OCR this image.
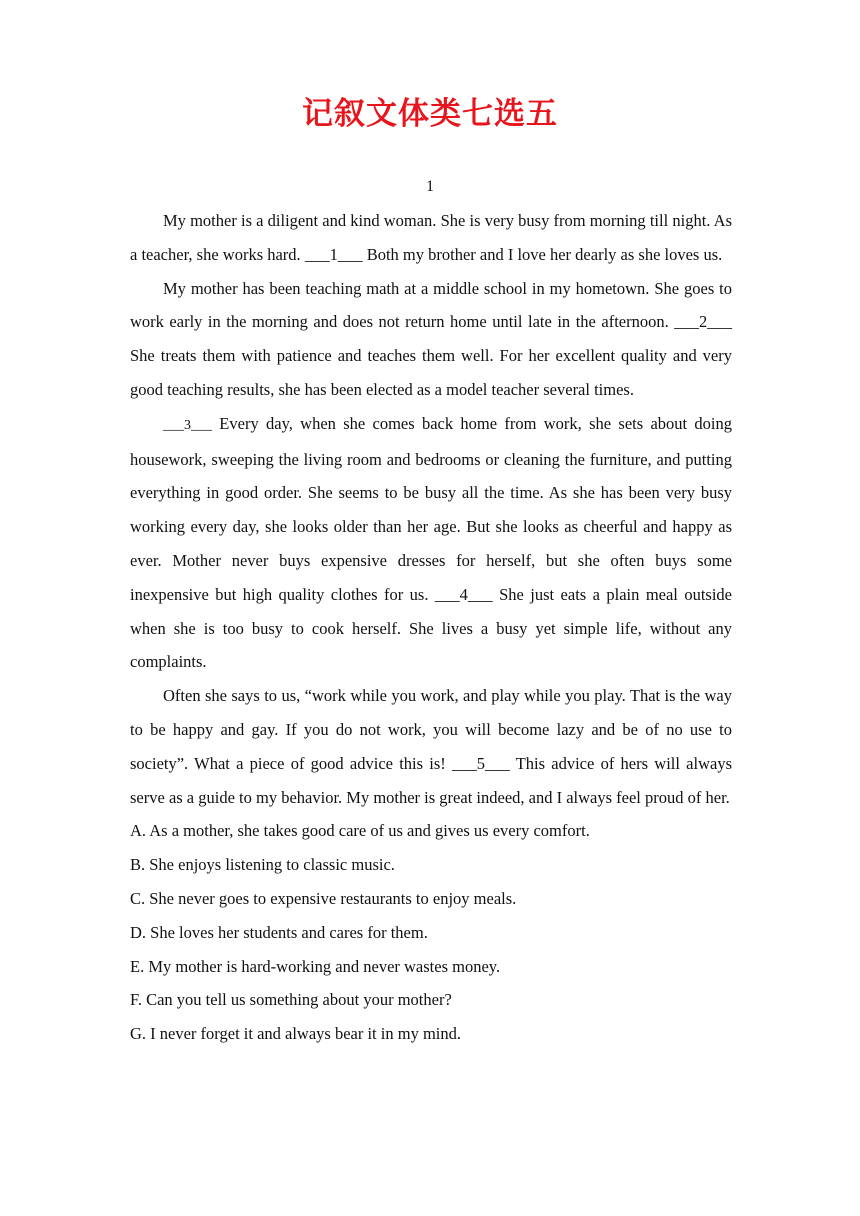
记叙文体类七选五
1

My mother is a diligent and kind woman. She is very busy from morning till night. As a teacher, she works hard. ___1___ Both my brother and I love her dearly as she loves us.

My mother has been teaching math at a middle school in my hometown. She goes to work early in the morning and does not return home until late in the afternoon. ___2___ She treats them with patience and teaches them well. For her excellent quality and very good teaching results, she has been elected as a model teacher several times.

___3___ Every day, when she comes back home from work, she sets about doing housework, sweeping the living room and bedrooms or cleaning the furniture, and putting everything in good order. She seems to be busy all the time. As she has been very busy working every day, she looks older than her age. But she looks as cheerful and happy as ever. Mother never buys expensive dresses for herself, but she often buys some inexpensive but high quality clothes for us. ___4___ She just eats a plain meal outside when she is too busy to cook herself. She lives a busy yet simple life, without any complaints.

Often she says to us, “work while you work, and play while you play. That is the way to be happy and gay. If you do not work, you will become lazy and be of no use to society”. What a piece of good advice this is! ___5___ This advice of hers will always serve as a guide to my behavior. My mother is great indeed, and I always feel proud of her.

A. As a mother, she takes good care of us and gives us every comfort.
B. She enjoys listening to classic music.
C. She never goes to expensive restaurants to enjoy meals.
D. She loves her students and cares for them.
E. My mother is hard-working and never wastes money.
F. Can you tell us something about your mother?
G. I never forget it and always bear it in my mind.
